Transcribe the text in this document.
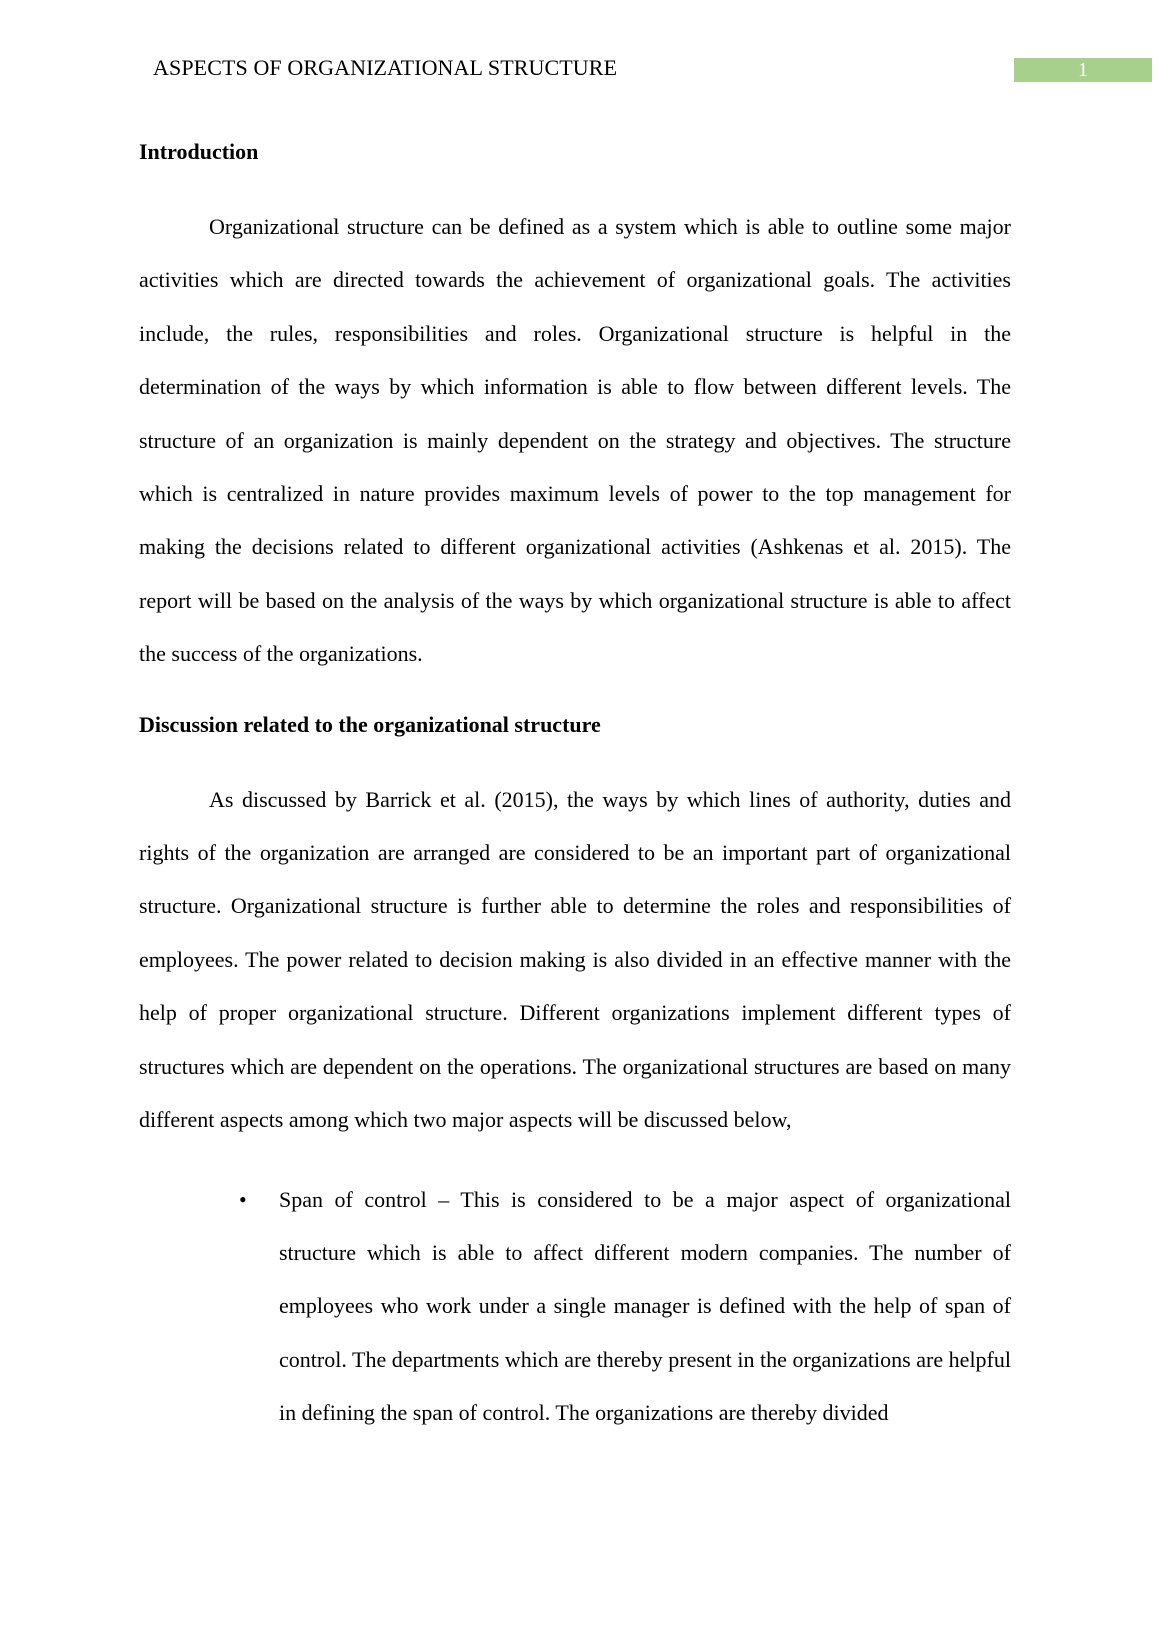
ASPECTS OF ORGANIZATIONAL STRUCTURE	1
Introduction

Organizational structure can be defined as a system which is able to outline some major activities which are directed towards the achievement of organizational goals. The activities include, the rules, responsibilities and roles. Organizational structure is helpful in the determination of the ways by which information is able to flow between different levels. The structure of an organization is mainly dependent on the strategy and objectives. The structure which is centralized in nature provides maximum levels of power to the top management for making the decisions related to different organizational activities (Ashkenas et al. 2015). The report will be based on the analysis of the ways by which organizational structure is able to affect the success of the organizations.

Discussion related to the organizational structure

As discussed by Barrick et al. (2015), the ways by which lines of authority, duties and rights of the organization are arranged are considered to be an important part of organizational structure. Organizational structure is further able to determine the roles and responsibilities of employees. The power related to decision making is also divided in an effective manner with the help of proper organizational structure. Different organizations implement different types of structures which are dependent on the operations. The organizational structures are based on many different aspects among which two major aspects will be discussed below,

• Span of control – This is considered to be a major aspect of organizational structure which is able to affect different modern companies. The number of employees who work under a single manager is defined with the help of span of control. The departments which are thereby present in the organizations are helpful in defining the span of control. The organizations are thereby divided
